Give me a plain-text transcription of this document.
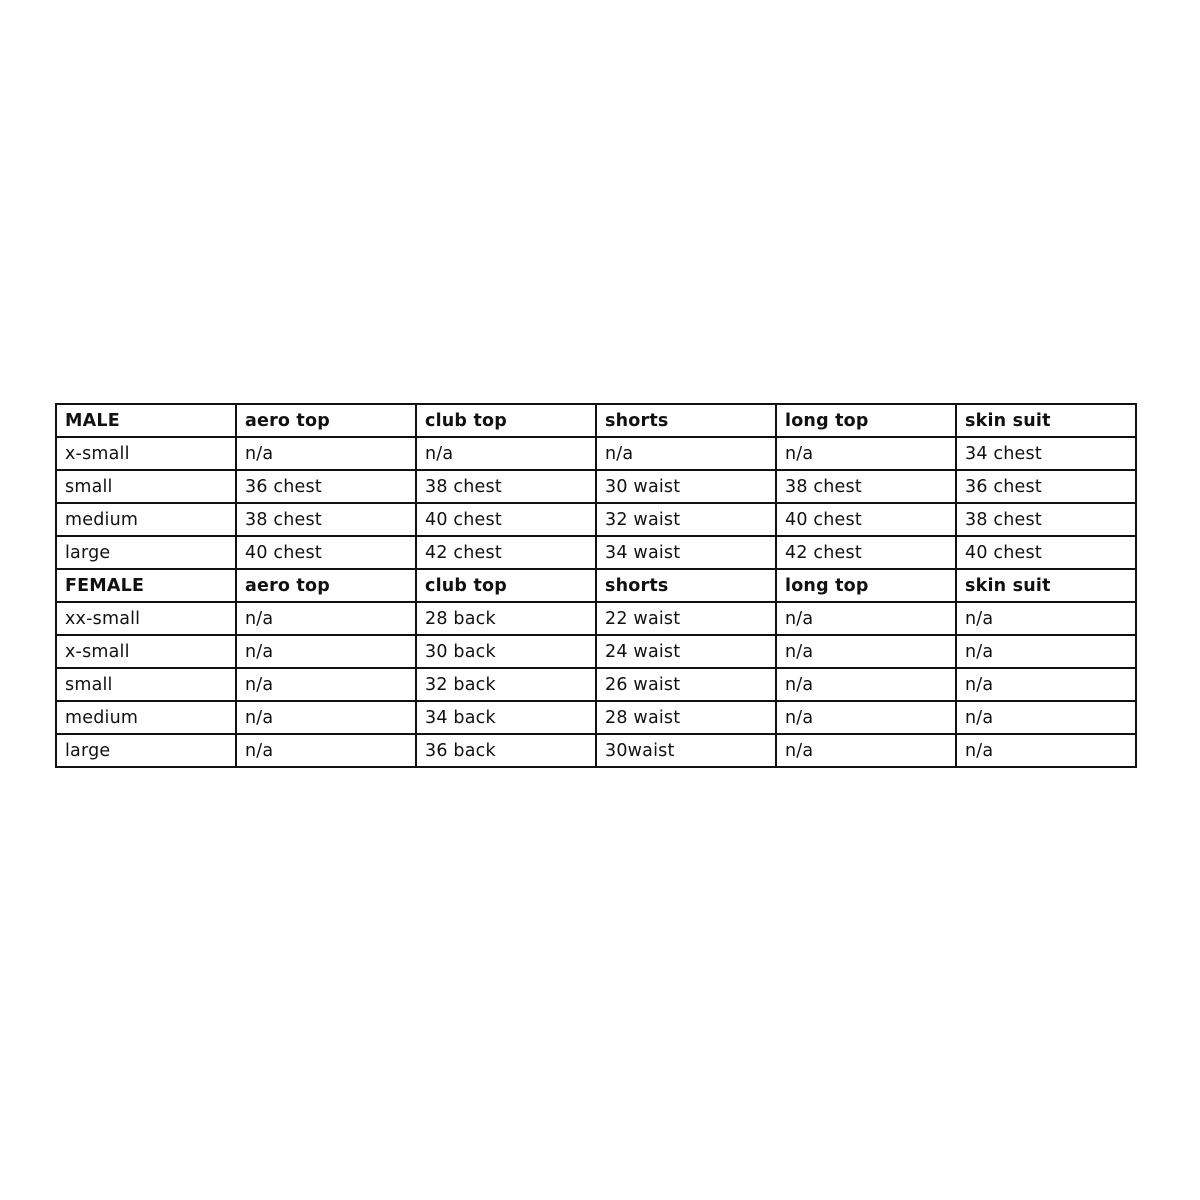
MALE	aero top	club top	shorts	long top	skin suit
x-small	n/a	n/a	n/a	n/a	34 chest
small	36 chest	38 chest	30 waist	38 chest	36 chest
medium	38 chest	40 chest	32 waist	40 chest	38 chest
large	40 chest	42 chest	34 waist	42 chest	40 chest
FEMALE	aero top	club top	shorts	long top	skin suit
xx-small	n/a	28 back	22 waist	n/a	n/a
x-small	n/a	30 back	24 waist	n/a	n/a
small	n/a	32 back	26 waist	n/a	n/a
medium	n/a	34 back	28 waist	n/a	n/a
large	n/a	36 back	30waist	n/a	n/a
